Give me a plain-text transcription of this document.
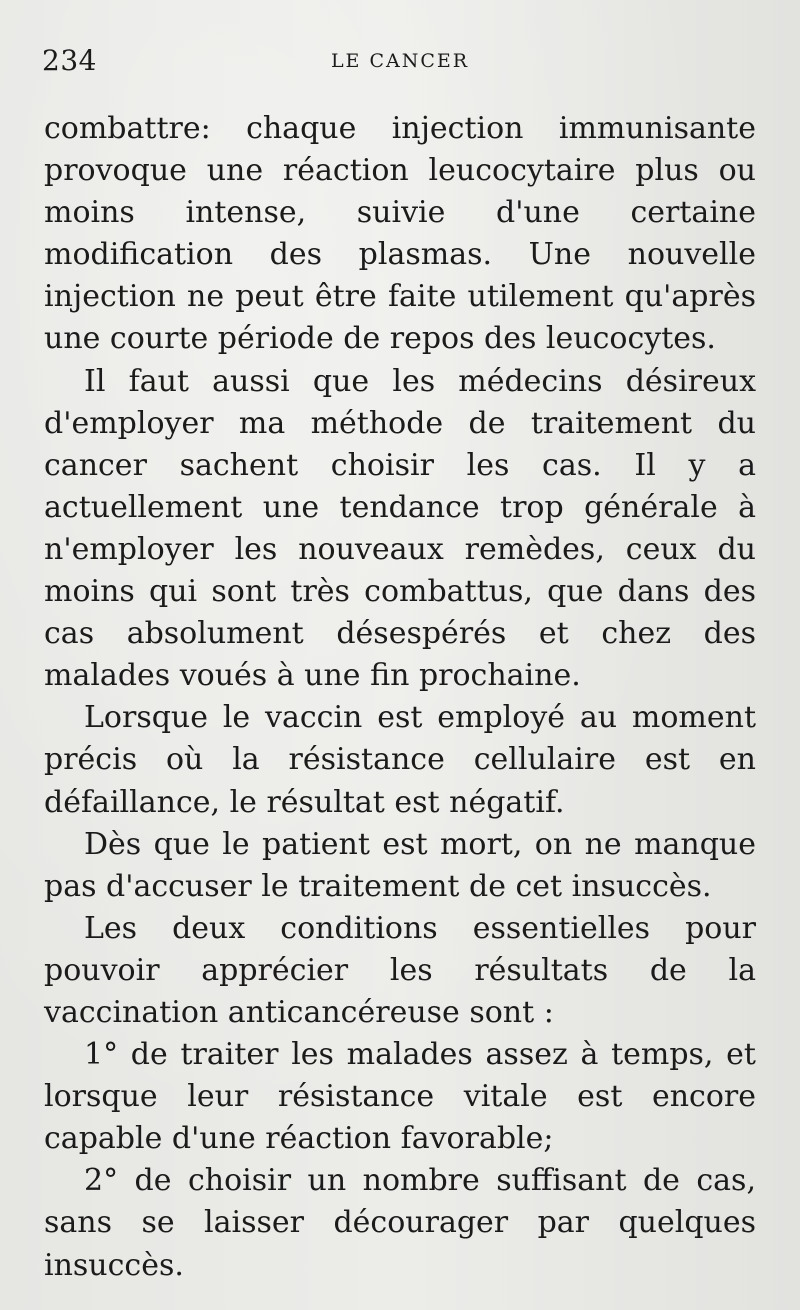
234	LE CANCER

combattre: chaque injection immunisante provoque une réaction leucocytaire plus ou moins intense, suivie d'une certaine modification des plasmas. Une nouvelle injection ne peut être faite utilement qu'après une courte période de repos des leucocytes.

Il faut aussi que les médecins désireux d'employer ma méthode de traitement du cancer sachent choisir les cas. Il y a actuellement une tendance trop générale à n'employer les nouveaux remèdes, ceux du moins qui sont très combattus, que dans des cas absolument désespérés et chez des malades voués à une fin prochaine.

Lorsque le vaccin est employé au moment précis où la résistance cellulaire est en défaillance, le résultat est négatif.

Dès que le patient est mort, on ne manque pas d'accuser le traitement de cet insuccès.

Les deux conditions essentielles pour pouvoir apprécier les résultats de la vaccination anticancéreuse sont :

1° de traiter les malades assez à temps, et lorsque leur résistance vitale est encore capable d'une réaction favorable;

2° de choisir un nombre suffisant de cas, sans se laisser décourager par quelques insuccès.
